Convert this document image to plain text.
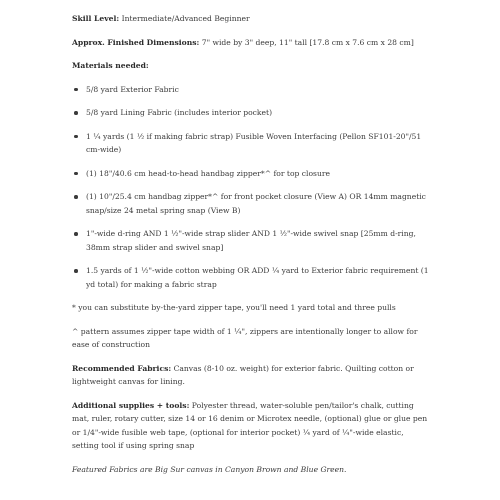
Skill Level: Intermediate/Advanced Beginner
Approx. Finished Dimensions: 7" wide by 3" deep, 11" tall [17.8 cm x 7.6 cm x 28 cm]
Materials needed:
5/8 yard Exterior Fabric
5/8 yard Lining Fabric (includes interior pocket)
1 ¼ yards (1 ½ if making fabric strap) Fusible Woven Interfacing (Pellon SF101-20"/51 cm-wide)
(1) 18"/40.6 cm head-to-head handbag zipper*^ for top closure
(1) 10"/25.4 cm handbag zipper*^ for front pocket closure (View A) OR 14mm magnetic snap/size 24 metal spring snap (View B)
1"-wide d-ring AND 1 ½"-wide strap slider AND 1 ½"-wide swivel snap [25mm d-ring, 38mm strap slider and swivel snap]
1.5 yards of 1 ½"-wide cotton webbing OR ADD ¼ yard to Exterior fabric requirement (1 yd total) for making a fabric strap
* you can substitute by-the-yard zipper tape, you'll need 1 yard total and three pulls
^ pattern assumes zipper tape width of 1 ¼", zippers are intentionally longer to allow for ease of construction
Recommended Fabrics: Canvas (8-10 oz. weight) for exterior fabric. Quilting cotton or lightweight canvas for lining.
Additional supplies + tools: Polyester thread, water-soluble pen/tailor's chalk, cutting mat, ruler, rotary cutter, size 14 or 16 denim or Microtex needle, (optional) glue or glue pen or 1/4"-wide fusible web tape, (optional for interior pocket) ¼ yard of ¼"-wide elastic, setting tool if using spring snap
Featured Fabrics are Big Sur canvas in Canyon Brown and Blue Green.
